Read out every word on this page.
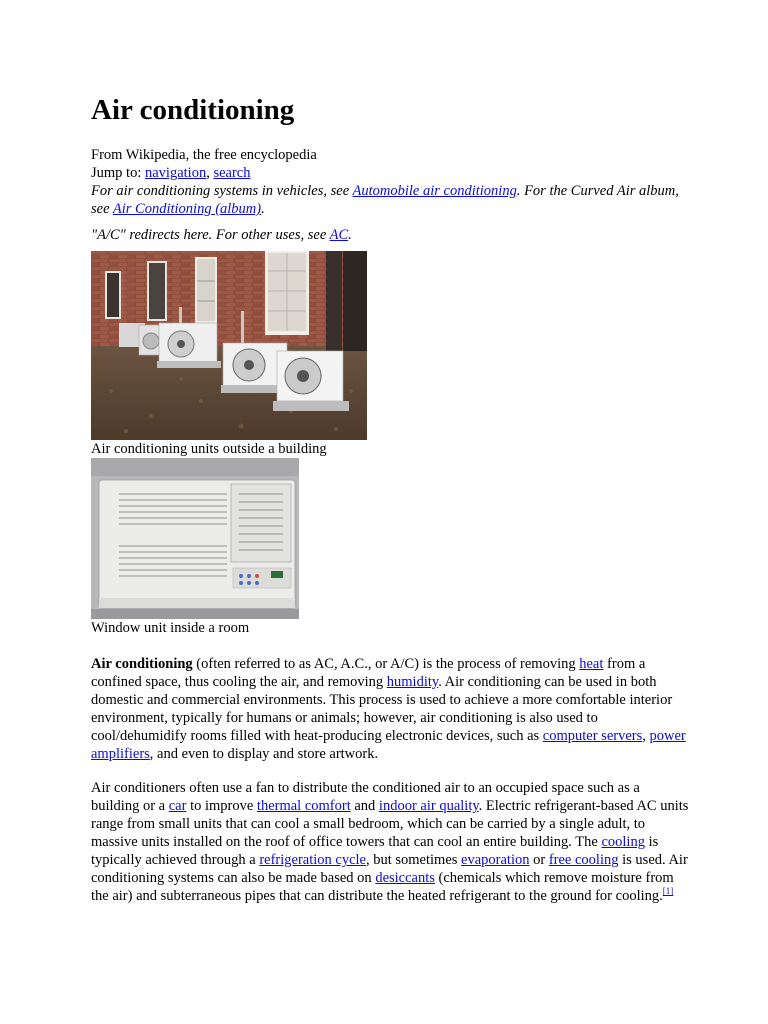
Air conditioning
From Wikipedia, the free encyclopedia
Jump to: navigation, search
For air conditioning systems in vehicles, see Automobile air conditioning. For the Curved Air album, see Air Conditioning (album).
"A/C" redirects here. For other uses, see AC.
Air conditioning units outside a building
Window unit inside a room

Air conditioning (often referred to as AC, A.C., or A/C) is the process of removing heat from a confined space, thus cooling the air, and removing humidity. Air conditioning can be used in both domestic and commercial environments. This process is used to achieve a more comfortable interior environment, typically for humans or animals; however, air conditioning is also used to cool/dehumidify rooms filled with heat-producing electronic devices, such as computer servers, power amplifiers, and even to display and store artwork.

Air conditioners often use a fan to distribute the conditioned air to an occupied space such as a building or a car to improve thermal comfort and indoor air quality. Electric refrigerant-based AC units range from small units that can cool a small bedroom, which can be carried by a single adult, to massive units installed on the roof of office towers that can cool an entire building. The cooling is typically achieved through a refrigeration cycle, but sometimes evaporation or free cooling is used. Air conditioning systems can also be made based on desiccants (chemicals which remove moisture from the air) and subterraneous pipes that can distribute the heated refrigerant to the ground for cooling.[1]
